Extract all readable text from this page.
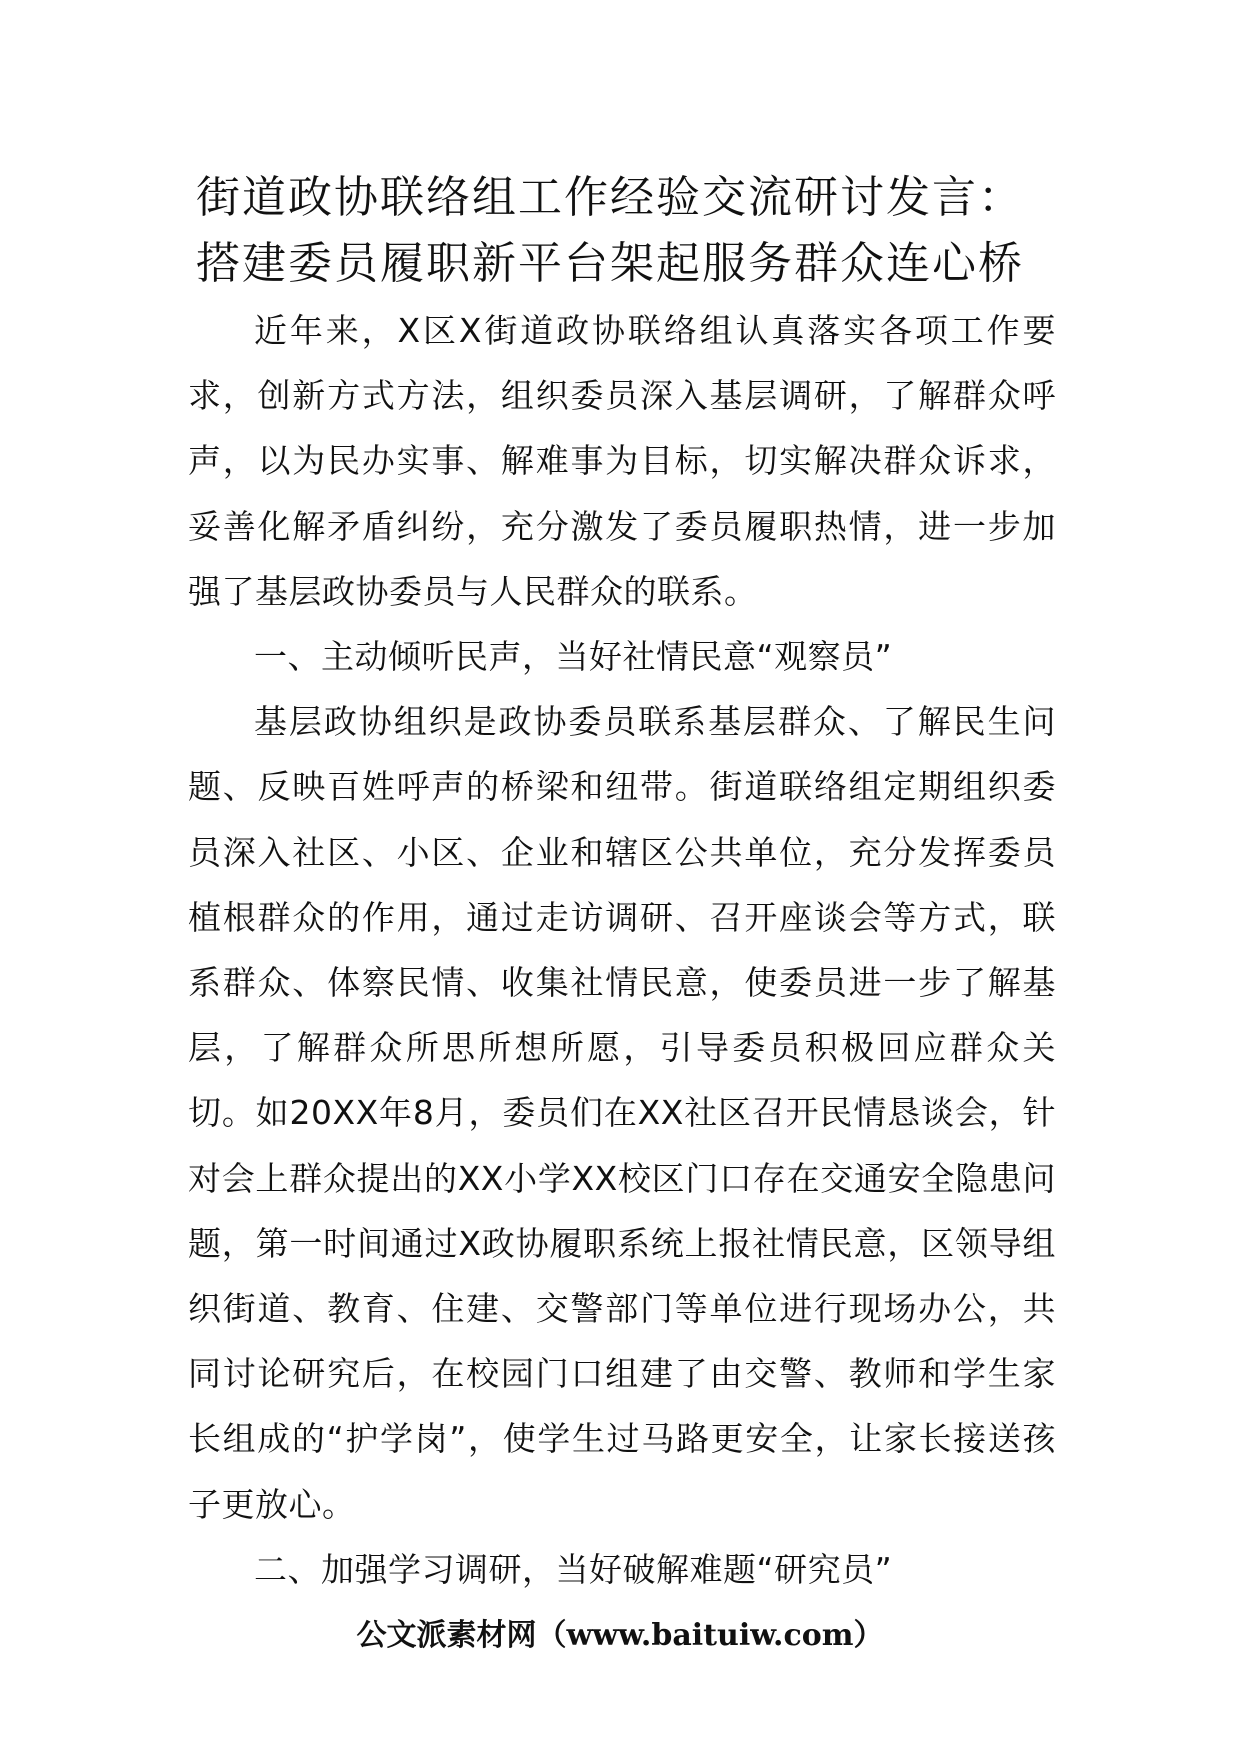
街道政协联络组工作经验交流研讨发言：
搭建委员履职新平台架起服务群众连心桥

近年来，X区X街道政协联络组认真落实各项工作要求，创新方式方法，组织委员深入基层调研，了解群众呼声，以为民办实事、解难事为目标，切实解决群众诉求，妥善化解矛盾纠纷，充分激发了委员履职热情，进一步加强了基层政协委员与人民群众的联系。

一、主动倾听民声，当好社情民意“观察员”

基层政协组织是政协委员联系基层群众、了解民生问题、反映百姓呼声的桥梁和纽带。街道联络组定期组织委员深入社区、小区、企业和辖区公共单位，充分发挥委员植根群众的作用，通过走访调研、召开座谈会等方式，联系群众、体察民情、收集社情民意，使委员进一步了解基层，了解群众所思所想所愿，引导委员积极回应群众关切。如20XX年8月，委员们在XX社区召开民情恳谈会，针对会上群众提出的XX小学XX校区门口存在交通安全隐患问题，第一时间通过X政协履职系统上报社情民意，区领导组织街道、教育、住建、交警部门等单位进行现场办公，共同讨论研究后，在校园门口组建了由交警、教师和学生家长组成的“护学岗”，使学生过马路更安全，让家长接送孩子更放心。

二、加强学习调研，当好破解难题“研究员”

公文派素材网（www.baituiw.com）
